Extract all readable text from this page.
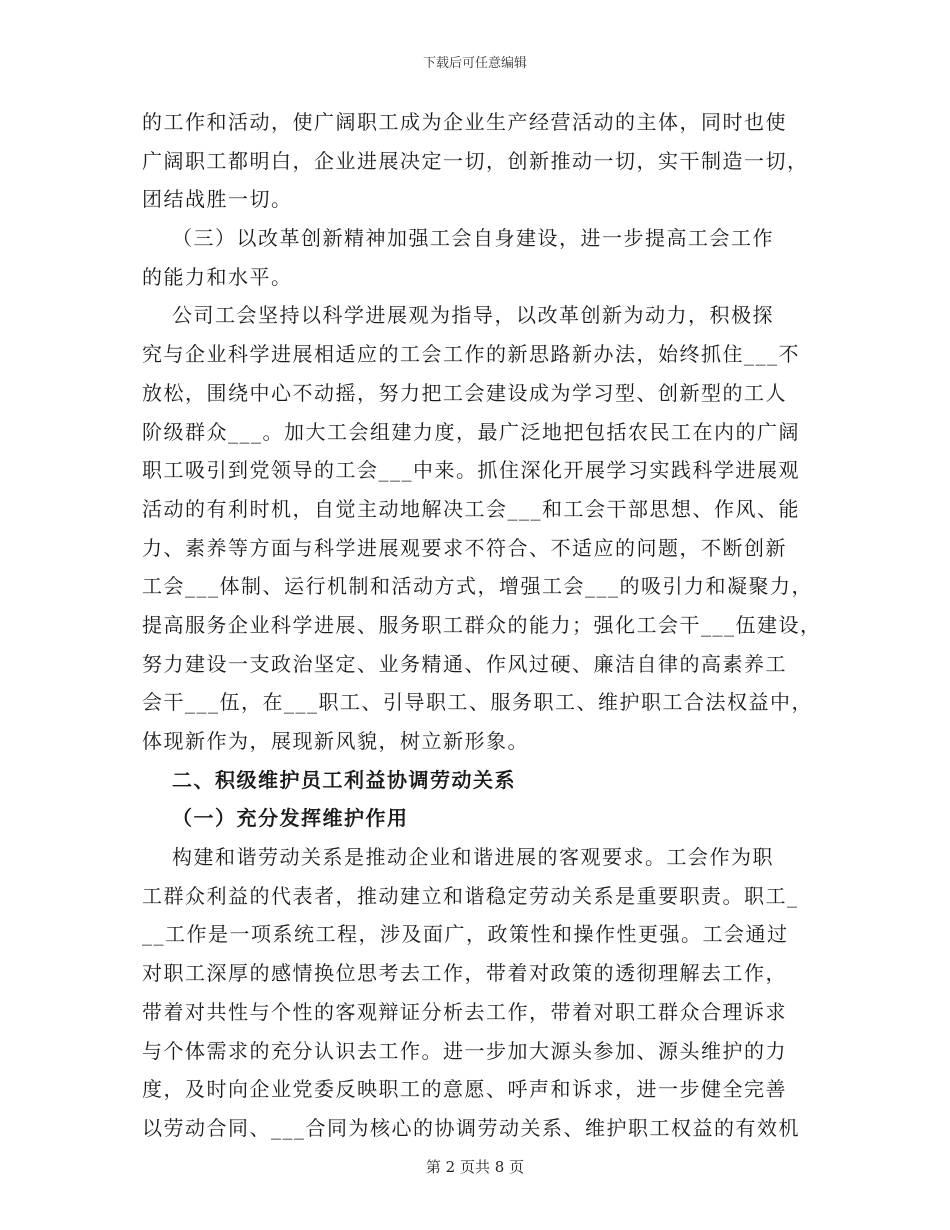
下载后可任意编辑
的工作和活动，使广阔职工成为企业生产经营活动的主体，同时也使
广阔职工都明白，企业进展决定一切，创新推动一切，实干制造一切，
团结战胜一切。
（三）以改革创新精神加强工会自身建设，进一步提高工会工作
的能力和水平。
公司工会坚持以科学进展观为指导，以改革创新为动力，积极探
究与企业科学进展相适应的工会工作的新思路新办法，始终抓住___不
放松，围绕中心不动摇，努力把工会建设成为学习型、创新型的工人
阶级群众___。加大工会组建力度，最广泛地把包括农民工在内的广阔
职工吸引到党领导的工会___中来。抓住深化开展学习实践科学进展观
活动的有利时机，自觉主动地解决工会___和工会干部思想、作风、能
力、素养等方面与科学进展观要求不符合、不适应的问题，不断创新
工会___体制、运行机制和活动方式，增强工会___的吸引力和凝聚力，
提高服务企业科学进展、服务职工群众的能力；强化工会干___伍建设，
努力建设一支政治坚定、业务精通、作风过硬、廉洁自律的高素养工
会干___伍，在___职工、引导职工、服务职工、维护职工合法权益中，
体现新作为，展现新风貌，树立新形象。
二、积级维护员工利益协调劳动关系
（一）充分发挥维护作用
构建和谐劳动关系是推动企业和谐进展的客观要求。工会作为职
工群众利益的代表者，推动建立和谐稳定劳动关系是重要职责。职工_
__工作是一项系统工程，涉及面广，政策性和操作性更强。工会通过
对职工深厚的感情换位思考去工作，带着对政策的透彻理解去工作，
带着对共性与个性的客观辩证分析去工作，带着对职工群众合理诉求
与个体需求的充分认识去工作。进一步加大源头参加、源头维护的力
度，及时向企业党委反映职工的意愿、呼声和诉求，进一步健全完善
以劳动合同、___合同为核心的协调劳动关系、维护职工权益的有效机
第 2 页共 8 页
